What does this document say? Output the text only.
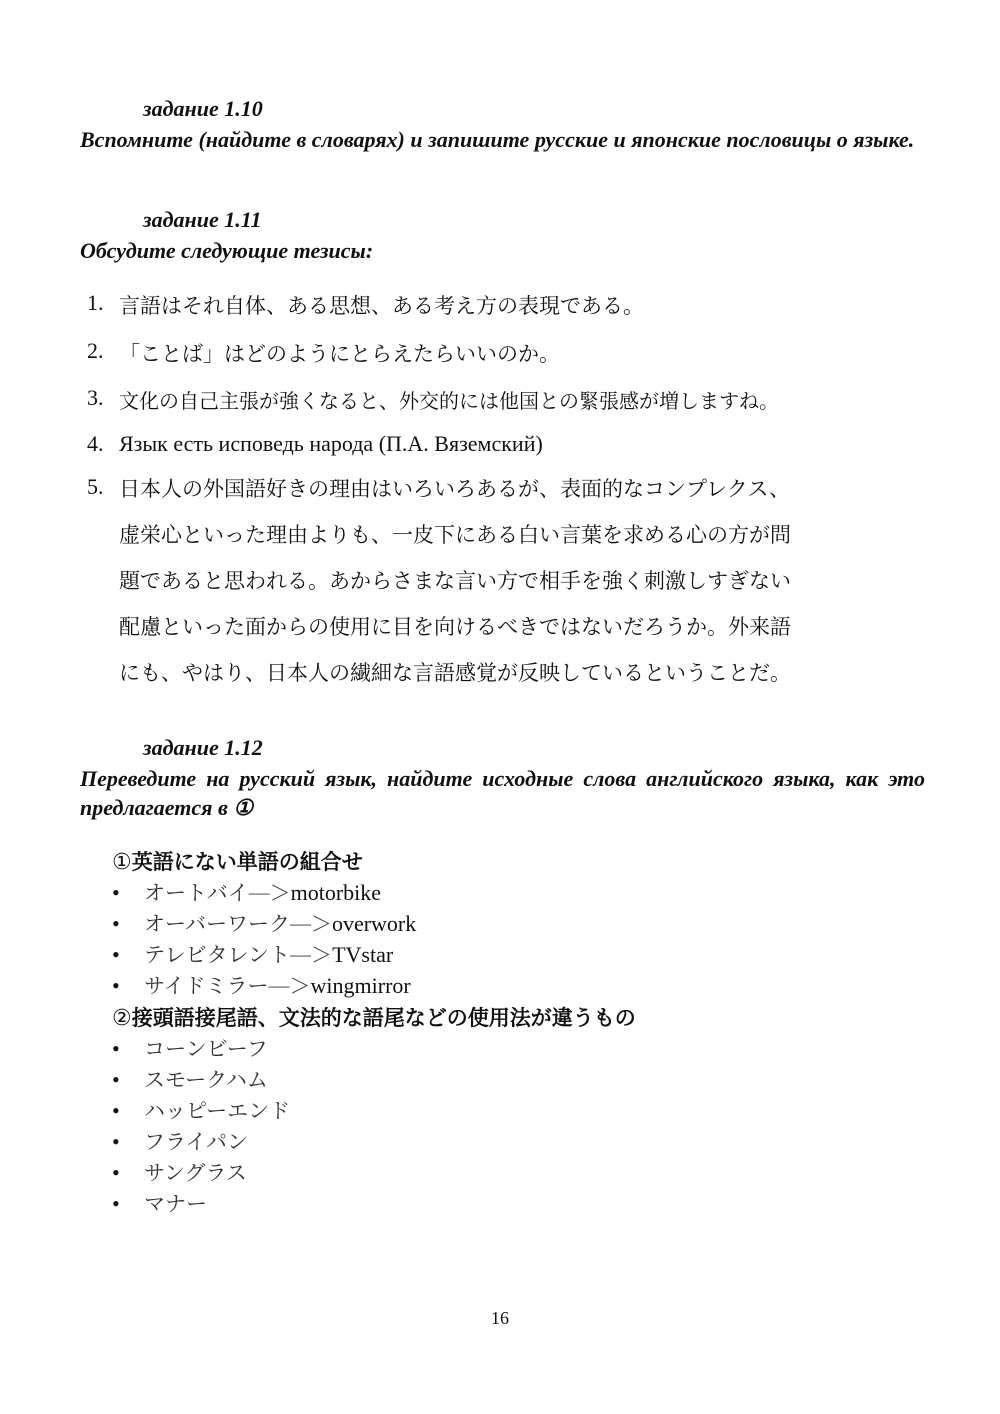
задание 1.10
Вспомните (найдите в словарях) и запишите русские и японские пословицы о языке.
задание 1.11
Обсудите следующие тезисы:
1. 言語はそれ自体、ある思想、ある考え方の表現である。
2. 「ことば」はどのようにとらえたらいいのか。
3. 文化の自己主張が強くなると、外交的には他国との緊張感が増しますね。
4. Язык есть исповедь народа (П.А. Вяземский)
5. 日本人の外国語好きの理由はいろいろあるが、表面的なコンプレクス、
虚栄心といった理由よりも、一皮下にある白い言葉を求める心の方が問
題であると思われる。あからさまな言い方で相手を強く刺激しすぎない
配慮といった面からの使用に目を向けるべきではないだろうか。外来語
にも、やはり、日本人の繊細な言語感覚が反映しているということだ。
задание 1.12
Переведите на русский язык, найдите исходные слова английского языка, как это предлагается в ①
①英語にない単語の組合せ
• オートバイ―＞motorbike
• オーバーワーク―＞overwork
• テレビタレント―＞TVstar
• サイドミラー―＞wingmirror
②接頭語接尾語、文法的な語尾などの使用法が違うもの
• コーンビーフ
• スモークハム
• ハッピーエンド
• フライパン
• サングラス
• マナー
16
